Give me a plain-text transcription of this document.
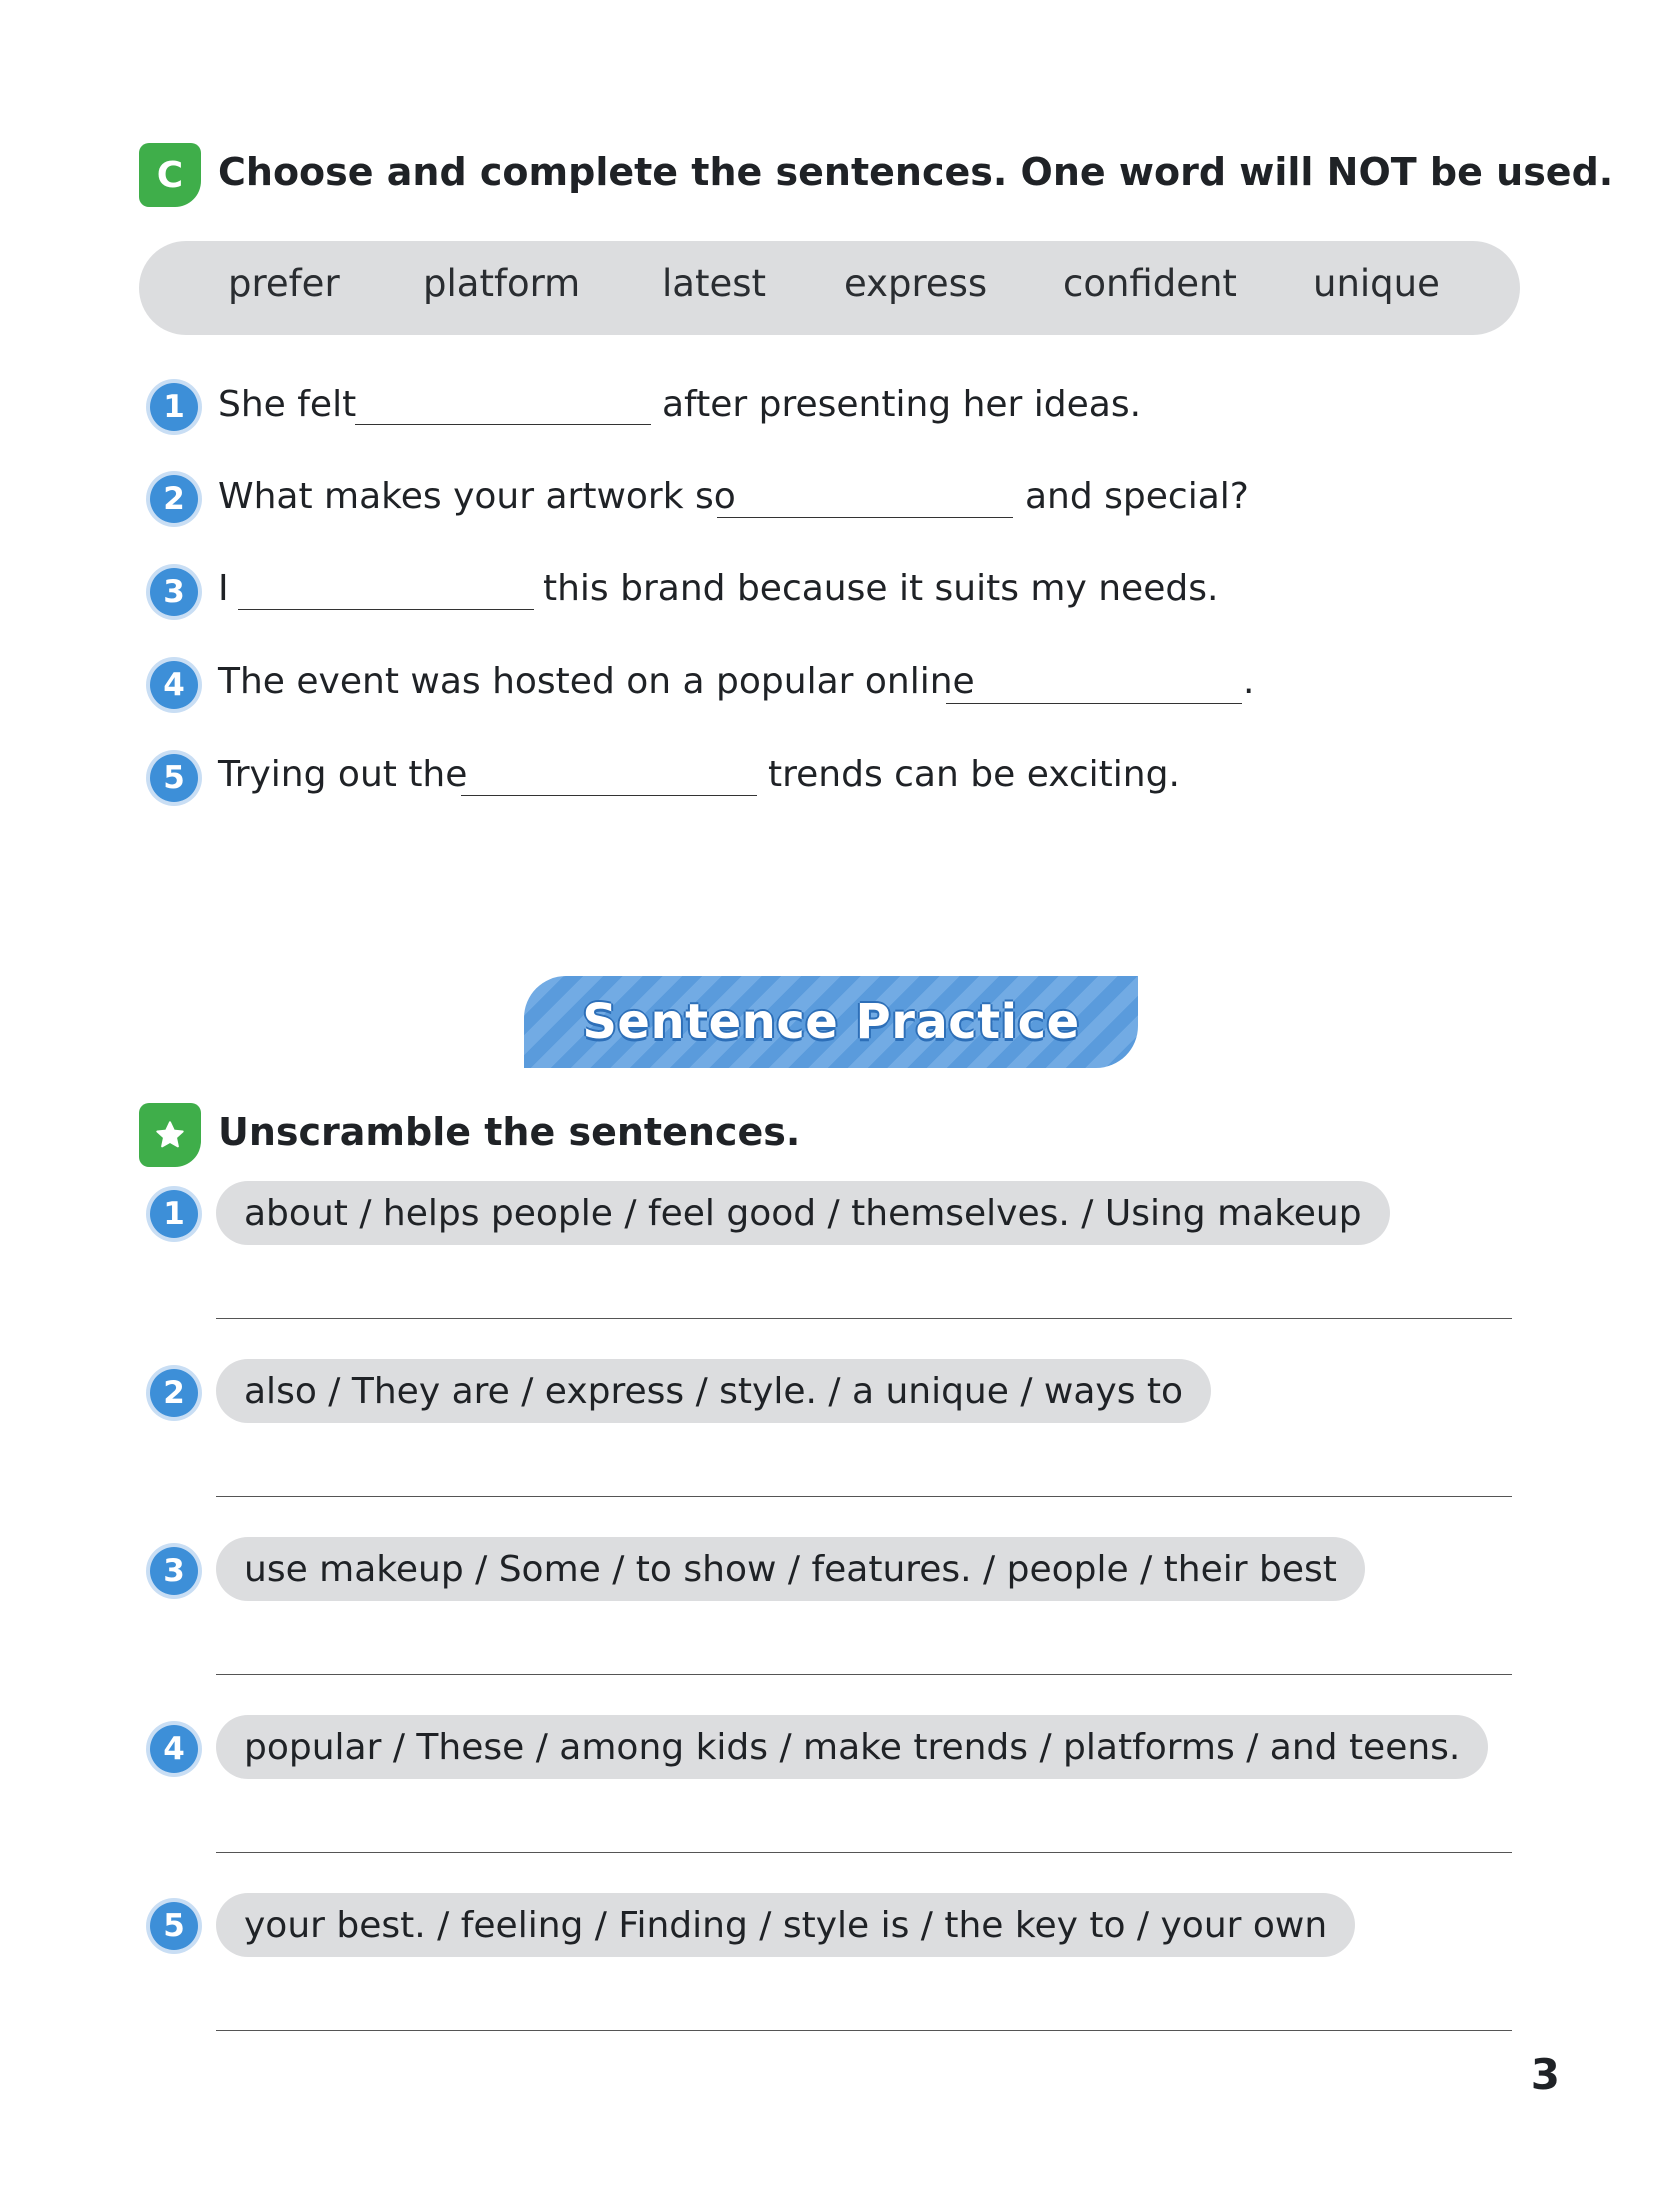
C Choose and complete the sentences. One word will NOT be used.
prefer platform latest express confident unique
1 She felt	after presenting her ideas.
2 What makes your artwork so	and special?
3 I	this brand because it suits my needs.
4 The event was hosted on a popular online	.
5 Trying out the	trends can be exciting.
Sentence Practice
Unscramble the sentences.
1	about / helps people / feel good / themselves. / Using makeup
2	also / They are / express / style. / a unique / ways to
3	use makeup / Some / to show / features. / people / their best
4	popular / These / among kids / make trends / platforms / and teens.
5	your best. / feeling / Finding / style is / the key to / your own
3
